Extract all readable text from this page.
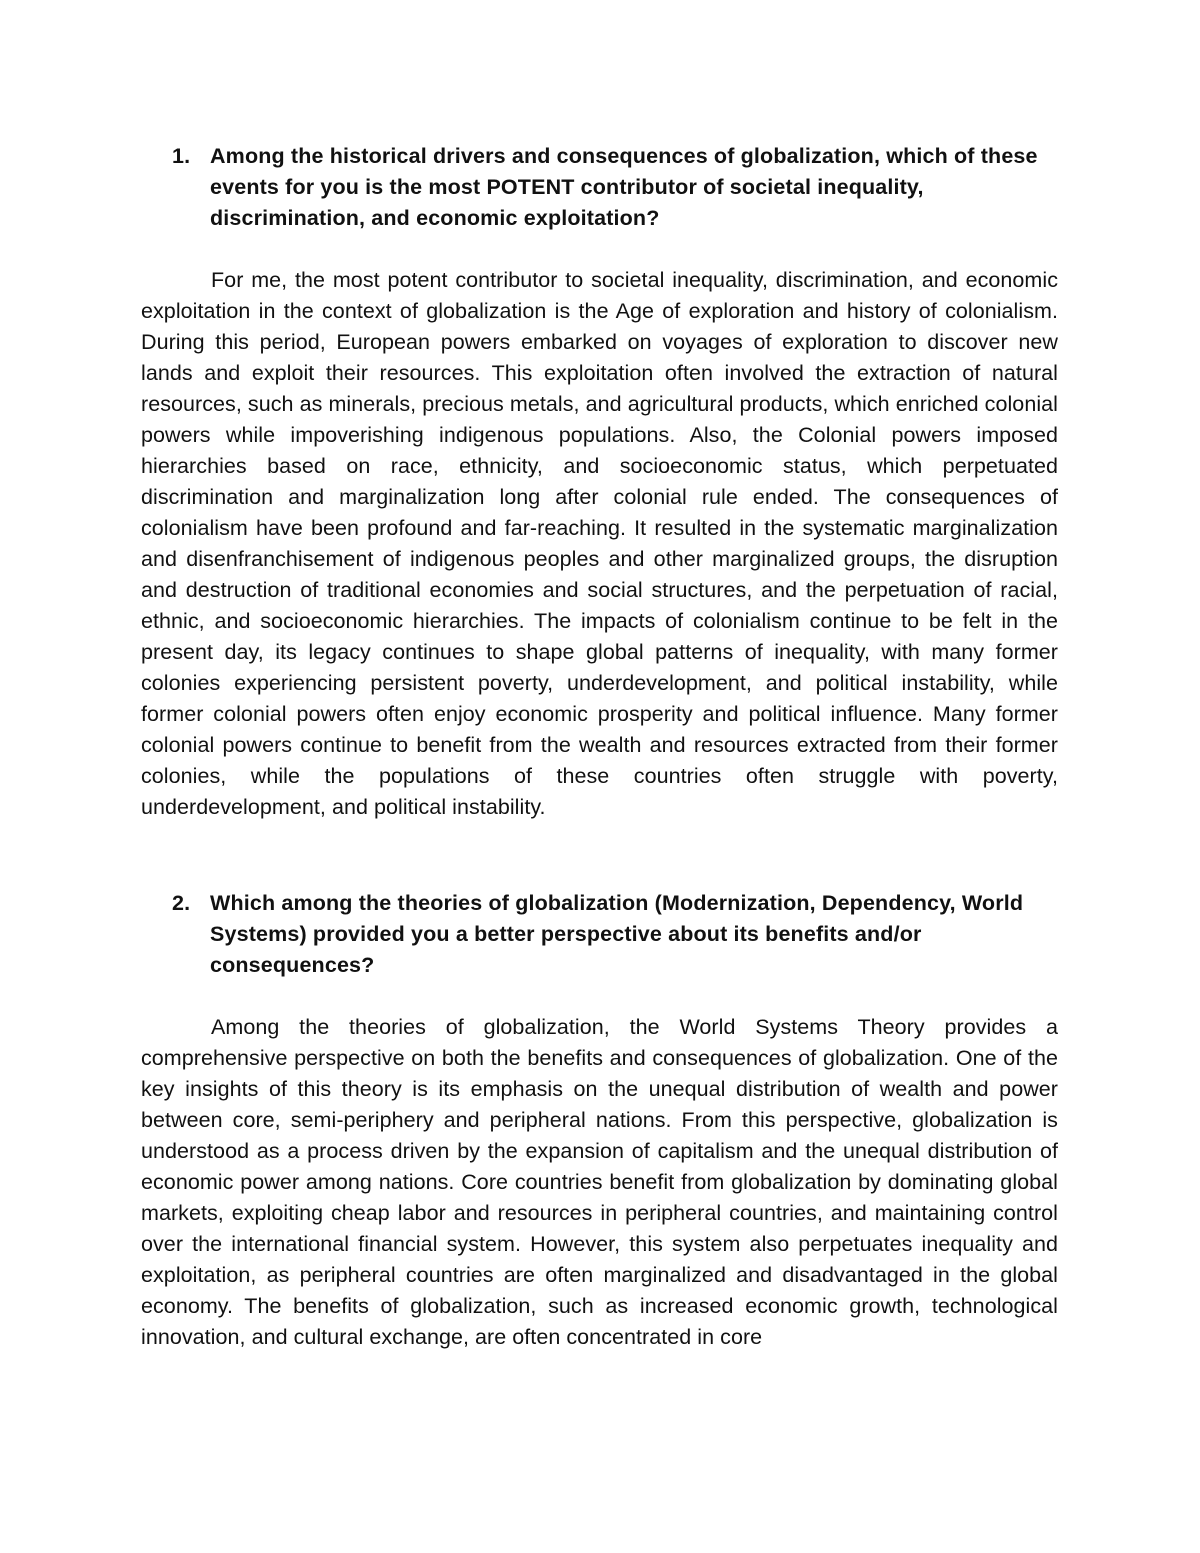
1. Among the historical drivers and consequences of globalization, which of these events for you is the most POTENT contributor of societal inequality, discrimination, and economic exploitation?

For me, the most potent contributor to societal inequality, discrimination, and economic exploitation in the context of globalization is the Age of exploration and history of colonialism. During this period, European powers embarked on voyages of exploration to discover new lands and exploit their resources. This exploitation often involved the extraction of natural resources, such as minerals, precious metals, and agricultural products, which enriched colonial powers while impoverishing indigenous populations. Also, the Colonial powers imposed hierarchies based on race, ethnicity, and socioeconomic status, which perpetuated discrimination and marginalization long after colonial rule ended. The consequences of colonialism have been profound and far-reaching. It resulted in the systematic marginalization and disenfranchisement of indigenous peoples and other marginalized groups, the disruption and destruction of traditional economies and social structures, and the perpetuation of racial, ethnic, and socioeconomic hierarchies. The impacts of colonialism continue to be felt in the present day, its legacy continues to shape global patterns of inequality, with many former colonies experiencing persistent poverty, underdevelopment, and political instability, while former colonial powers often enjoy economic prosperity and political influence. Many former colonial powers continue to benefit from the wealth and resources extracted from their former colonies, while the populations of these countries often struggle with poverty, underdevelopment, and political instability.

2. Which among the theories of globalization (Modernization, Dependency, World Systems) provided you a better perspective about its benefits and/or consequences?

Among the theories of globalization, the World Systems Theory provides a comprehensive perspective on both the benefits and consequences of globalization. One of the key insights of this theory is its emphasis on the unequal distribution of wealth and power between core, semi-periphery and peripheral nations. From this perspective, globalization is understood as a process driven by the expansion of capitalism and the unequal distribution of economic power among nations. Core countries benefit from globalization by dominating global markets, exploiting cheap labor and resources in peripheral countries, and maintaining control over the international financial system. However, this system also perpetuates inequality and exploitation, as peripheral countries are often marginalized and disadvantaged in the global economy. The benefits of globalization, such as increased economic growth, technological innovation, and cultural exchange, are often concentrated in core
